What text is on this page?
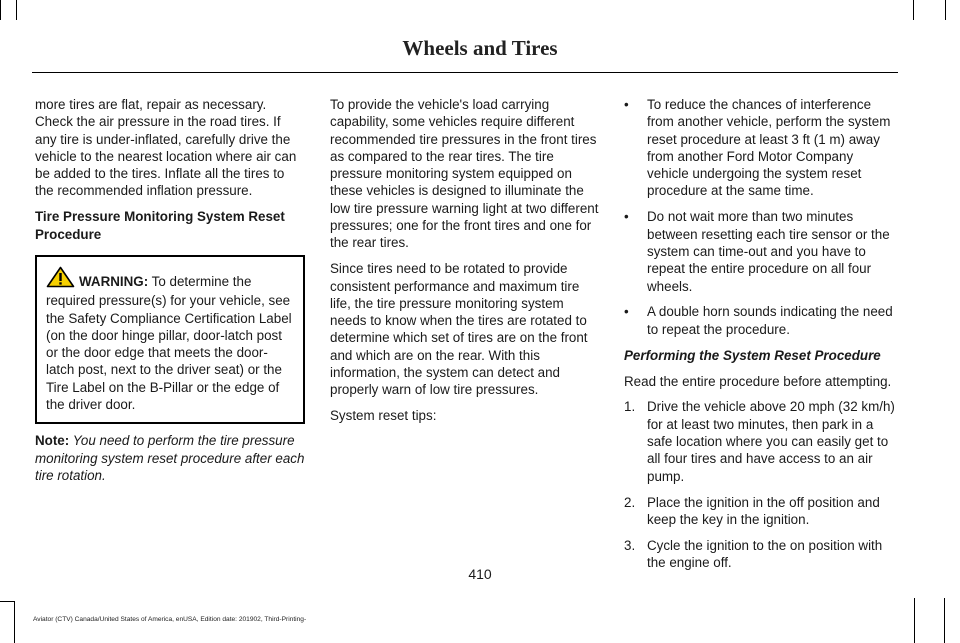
Wheels and Tires

more tires are flat, repair as necessary. Check the air pressure in the road tires. If any tire is under-inflated, carefully drive the vehicle to the nearest location where air can be added to the tires. Inflate all the tires to the recommended inflation pressure.

Tire Pressure Monitoring System Reset Procedure

WARNING: To determine the required pressure(s) for your vehicle, see the Safety Compliance Certification Label (on the door hinge pillar, door-latch post or the door edge that meets the door-latch post, next to the driver seat) or the Tire Label on the B-Pillar or the edge of the driver door.

Note: You need to perform the tire pressure monitoring system reset procedure after each tire rotation.

To provide the vehicle's load carrying capability, some vehicles require different recommended tire pressures in the front tires as compared to the rear tires. The tire pressure monitoring system equipped on these vehicles is designed to illuminate the low tire pressure warning light at two different pressures; one for the front tires and one for the rear tires.

Since tires need to be rotated to provide consistent performance and maximum tire life, the tire pressure monitoring system needs to know when the tires are rotated to determine which set of tires are on the front and which are on the rear. With this information, the system can detect and properly warn of low tire pressures.

System reset tips:

• To reduce the chances of interference from another vehicle, perform the system reset procedure at least 3 ft (1 m) away from another Ford Motor Company vehicle undergoing the system reset procedure at the same time.
• Do not wait more than two minutes between resetting each tire sensor or the system can time-out and you have to repeat the entire procedure on all four wheels.
• A double horn sounds indicating the need to repeat the procedure.

Performing the System Reset Procedure

Read the entire procedure before attempting.

1. Drive the vehicle above 20 mph (32 km/h) for at least two minutes, then park in a safe location where you can easily get to all four tires and have access to an air pump.
2. Place the ignition in the off position and keep the key in the ignition.
3. Cycle the ignition to the on position with the engine off.
410
Aviator (CTV) Canada/United States of America, enUSA, Edition date: 201902, Third-Printing-
